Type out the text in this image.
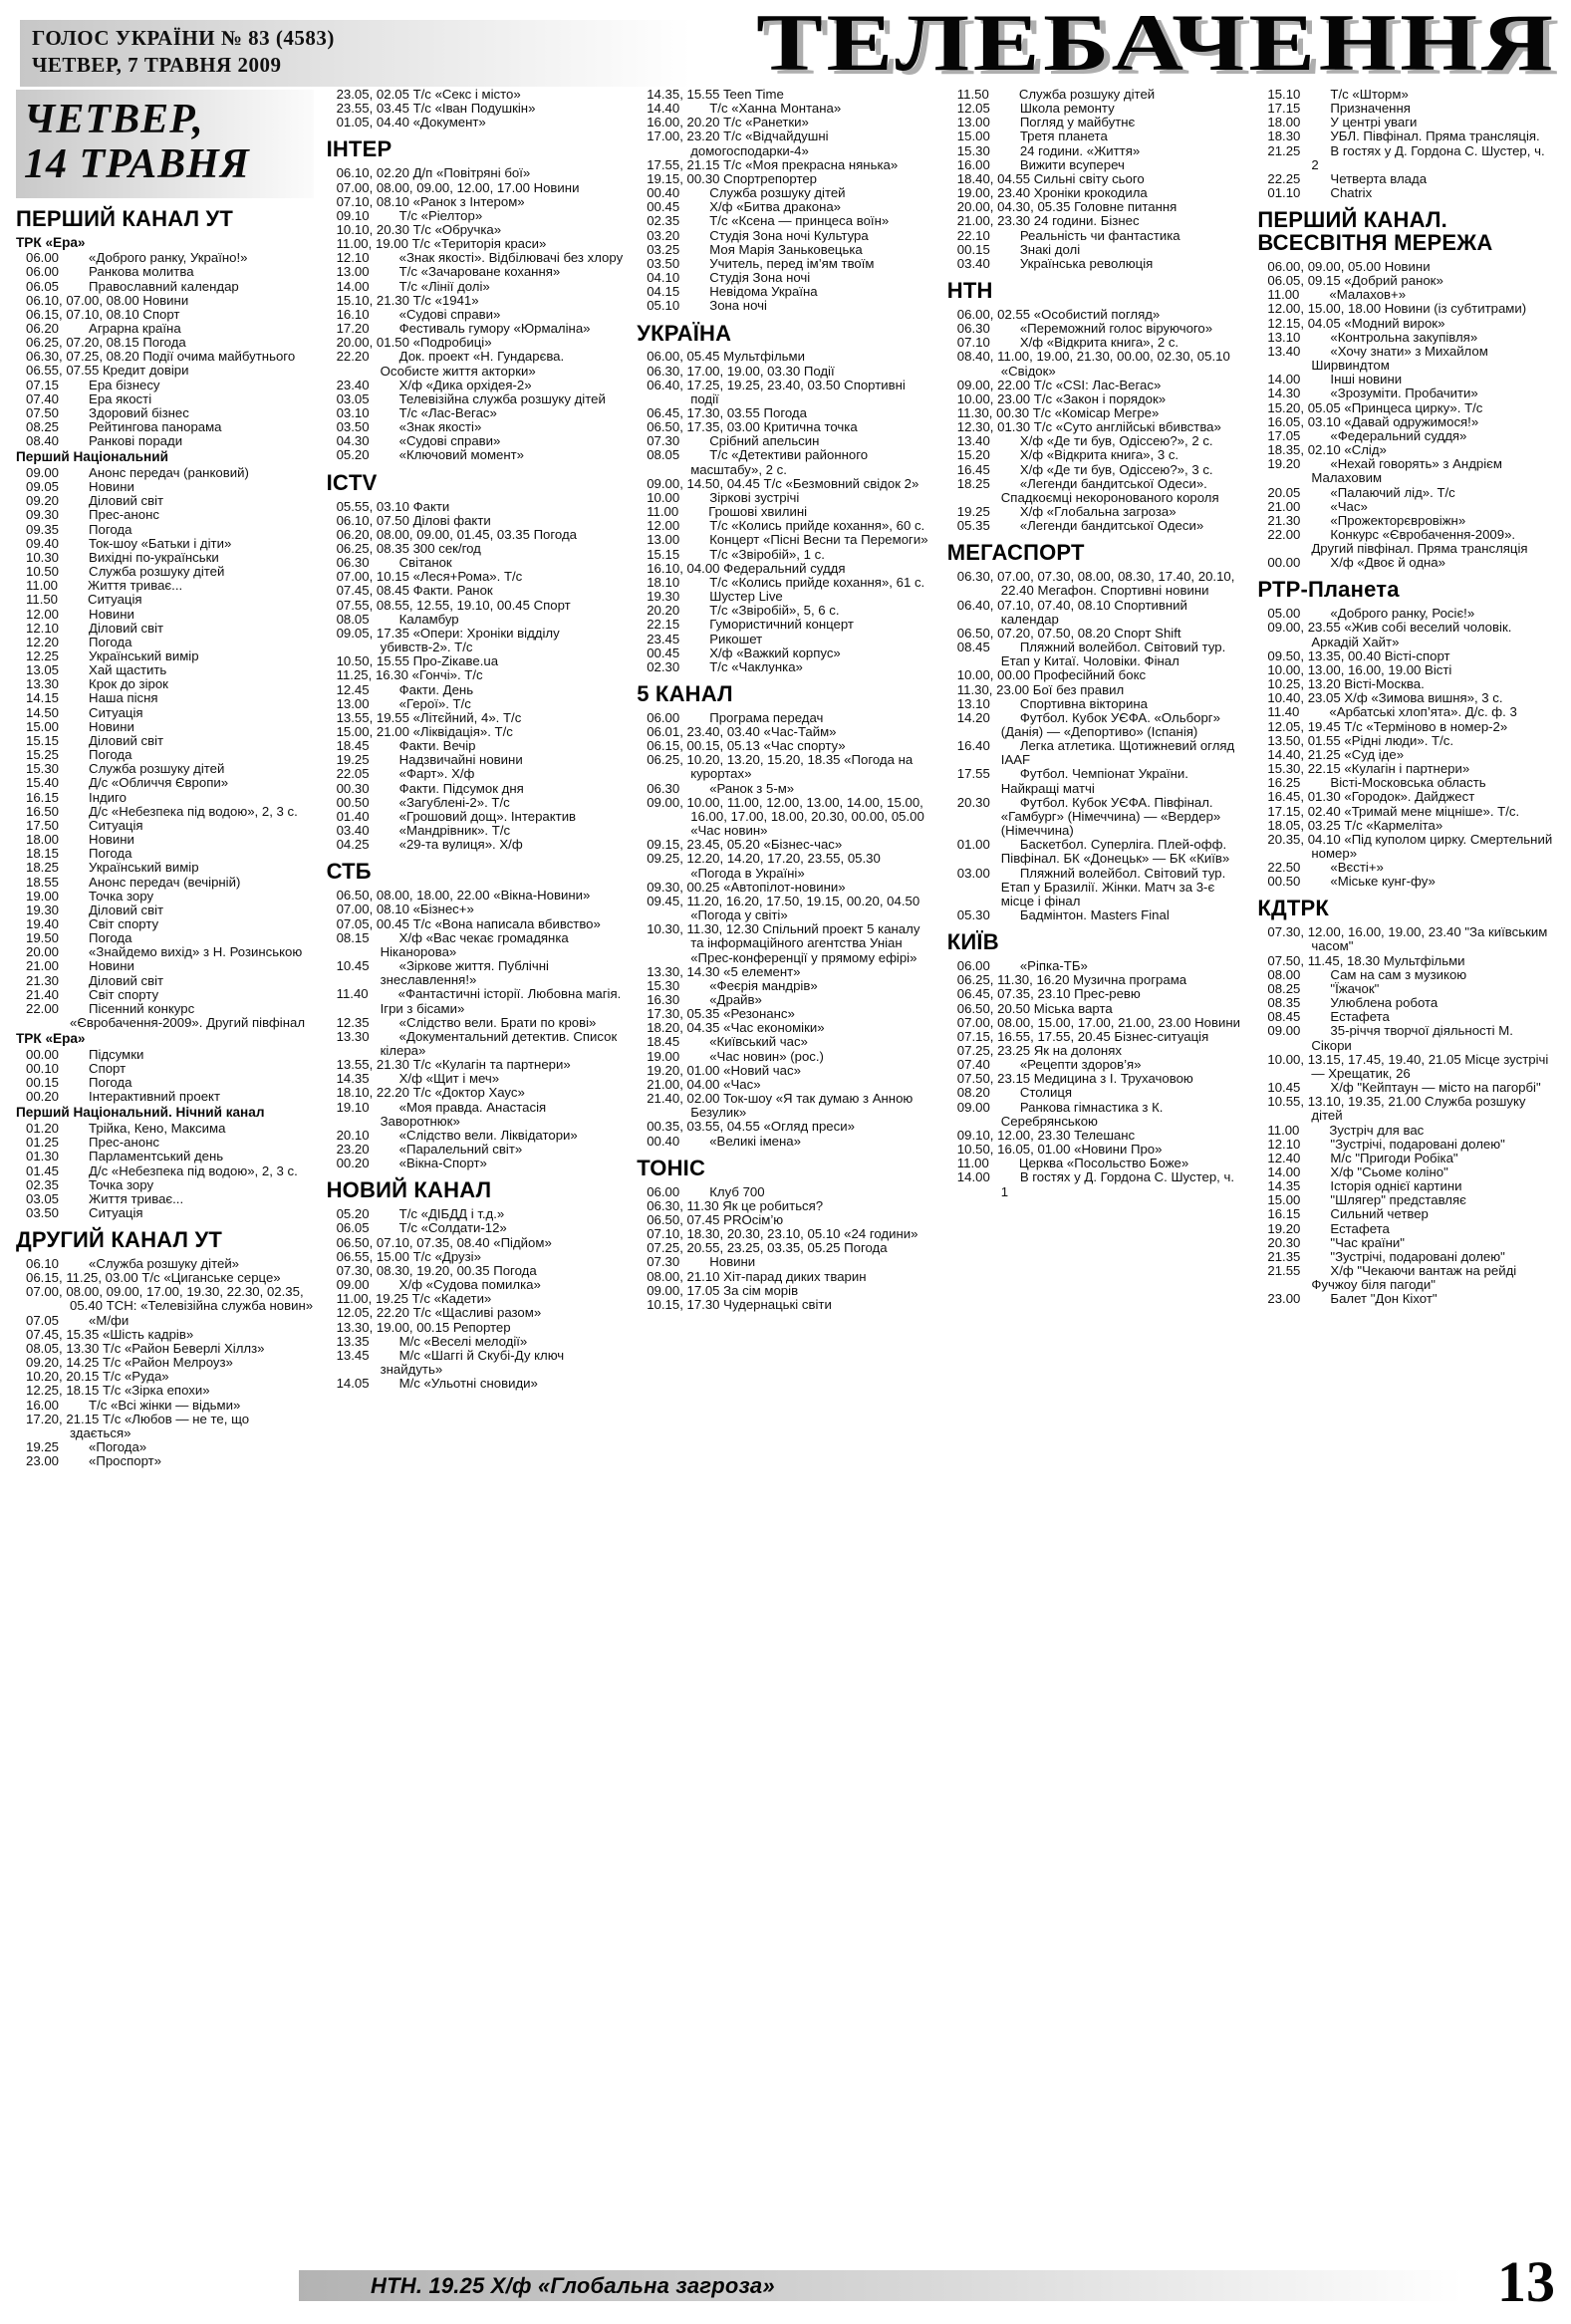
ГОЛОС УКРАЇНИ № 83 (4583)
ЧЕТВЕР, 7 ТРАВНЯ 2009	ТЕЛЕБАЧЕННЯ
ЧЕТВЕР,
14 ТРАВНЯ
ПЕРШИЙ КАНАЛ УТ
ТРК «Ера»

06.00   «Доброго ранку, Україно!»

06.00   Ранкова молитва

06.05   Православний календар

06.10, 07.00, 08.00 Новини

06.15, 07.10, 08.10 Спорт

06.20   Аграрна країна

06.25, 07.20, 08.15 Погода

06.30, 07.25, 08.20 Події очима майбутнього

06.55, 07.55 Кредит довіри

07.15   Ера бізнесу

07.40   Ера якості

07.50   Здоровий бізнес

08.25   Рейтингова панорама

08.40   Ранкові поради

Перший Національний

09.00   Анонс передач (ранковий)

09.05   Новини

09.20   Діловий світ

09.30   Прес-анонс

09.35   Погода

09.40   Ток-шоу «Батьки і діти»

10.30   Вихідні по-українськи

10.50   Служба розшуку дітей

11.00   Життя триває...

11.50   Ситуація

12.00   Новини

12.10   Діловий світ

12.20   Погода

12.25   Український вимір

13.05   Хай щастить

13.30   Крок до зірок

14.15   Наша пісня

14.50   Ситуація

15.00   Новини

15.15   Діловий світ

15.25   Погода

15.30   Служба розшуку дітей

15.40   Д/с «Обличчя Європи»

16.15   Індиго

16.50   Д/с «Небезпека під водою», 2, 3 с.

17.50   Ситуація

18.00   Новини

18.15   Погода

18.25   Український вимір

18.55   Анонс передач (вечірній)

19.00   Точка зору

19.30   Діловий світ

19.40   Світ спорту

19.50   Погода

20.00   «Знайдемо вихід» з Н. Розинською

21.00   Новини

21.30   Діловий світ

21.40   Світ спорту

22.00   Пісенний конкурс «Євробачення-2009». Другий півфінал

ТРК «Ера»

00.00   Підсумки

00.10   Спорт

00.15   Погода

00.20   Інтерактивний проект

Перший Національний. Нічний канал

01.20   Трійка, Кено, Максима

01.25   Прес-анонс

01.30   Парламентський день

01.45   Д/с «Небезпека під водою», 2, 3 с.

02.35   Точка зору

03.05   Життя триває...

03.50   Ситуація

ДРУГИЙ КАНАЛ УТ

06.10   «Служба розшуку дітей»

06.15, 11.25, 03.00 Т/с «Циганське серце»

07.00, 08.00, 09.00, 17.00, 19.30, 22.30, 02.35, 05.40 ТСН: «Телевізійна служба новин»

07.05   «М/фи

07.45, 15.35 «Шість кадрів»

08.05, 13.30 Т/с «Район Беверлі Хіллз»

09.20, 14.25 Т/с «Район Мелроуз»

10.20, 20.15 Т/с «Руда»

12.25, 18.15 Т/с «Зірка епохи»

16.00   Т/с «Всі жінки — відьми»

17.20, 21.15 Т/с «Любов — не те, що здається»

19.25   «Погода»

23.00   «Проспорт»

23.05, 02.05 Т/с «Секс і місто»

23.55, 03.45 Т/с «Іван Подушкін»

01.05, 04.40 «Документ»

ІНТЕР

06.10, 02.20 Д/п «Повітряні бої»

07.00, 08.00, 09.00, 12.00, 17.00 Новини

07.10, 08.10 «Ранок з Інтером»

09.10   Т/с «Ріелтор»

10.10, 20.30 Т/с «Обручка»

11.00, 19.00 Т/с «Територія краси»

12.10   «Знак якості». Відбілювачі без хлору

13.00   Т/с «Зачароване кохання»

14.00   Т/с «Лінії долі»

15.10, 21.30 Т/с «1941»

16.10   «Судові справи»

17.20   Фестиваль гумору «Юрмаліна»

20.00, 01.50 «Подробиці»

22.20   Док. проект «Н. Гундарєва. Особисте життя акторки»

23.40   Х/ф «Дика орхідея-2»

03.05   Телевізійна служба розшуку дітей

03.10   Т/с «Лас-Вегас»

03.50   «Знак якості»

04.30   «Судові справи»

05.20   «Ключовий момент»

ICTV

05.55, 03.10 Факти

06.10, 07.50 Ділові факти

06.20, 08.00, 09.00, 01.45, 03.35 Погода

06.25, 08.35 300 сек/год

06.30   Світанок

07.00, 10.15 «Леся+Рома». Т/с

07.45, 08.45 Факти. Ранок

07.55, 08.55, 12.55, 19.10, 00.45 Спорт

08.05   Каламбур

09.05, 17.35 «Опери: Хроніки відділу убивств-2». Т/с

10.50, 15.55 Про-Zікаве.ua

11.25, 16.30 «Гончі». Т/с

12.45   Факти. День

13.00   «Герої». Т/с

13.55, 19.55 «Літєйний, 4». Т/с

15.00, 21.00 «Ліквідація». Т/с

18.45   Факти. Вечір

19.25   Надзвичайні новини

22.05   «Фарт». Х/ф

00.30   Факти. Підсумок дня

00.50   «Загублені-2». Т/с

01.40   «Грошовий дощ». Інтерактив

03.40   «Мандрівник». Т/с

04.25   «29-та вулиця». Х/ф

СТБ

06.50, 08.00, 18.00, 22.00 «Вікна-Новини»

07.00, 08.10 «Бізнес+»

07.05, 00.45 Т/с «Вона написала вбивство»

08.15   Х/ф «Вас чекає громадянка Ніканорова»

10.45   «Зіркове життя. Публічні знеславлення!»

11.40   «Фантастичні історії. Любовна магія. Ігри з бісами»

12.35   «Слідство вели. Брати по крові»

13.30   «Документальний детектив. Список кілера»

13.55, 21.30 Т/с «Кулагін та партнери»

14.35   Х/ф «Щит і меч»

18.10, 22.20 Т/с «Доктор Хаус»

19.10   «Моя правда. Анастасія Заворотнюк»

20.10   «Слідство вели. Ліквідатори»

23.20   «Паралельний світ»

00.20   «Вікна-Спорт»

НОВИЙ КАНАЛ

05.20   Т/с «ДІБДД і т.д.»

06.05   Т/с «Солдати-12»

06.50, 07.10, 07.35, 08.40 «Підйом»

06.55, 15.00 Т/с «Друзі»

07.30, 08.30, 19.20, 00.35 Погода

09.00   Х/ф «Судова помилка»

11.00, 19.25 Т/с «Кадети»

12.05, 22.20 Т/с «Щасливі разом»

13.30, 19.00, 00.15 Репортер

13.35   М/с «Веселі мелодії»

13.45   М/с «Шаггі й Скубі-Ду ключ знайдуть»

14.05   М/с «Ульотні сновиди»

14.35, 15.55 Teen Time

14.40   Т/с «Ханна Монтана»

16.00, 20.20 Т/с «Ранетки»

17.00, 23.20 Т/с «Відчайдушні домогосподарки-4»

17.55, 21.15 Т/с «Моя прекрасна нянька»

19.15, 00.30 Спортрепортер

00.40   Служба розшуку дітей

00.45   Х/ф «Битва дракона»

02.35   Т/с «Ксена — принцеса воїн»

03.20   Студія Зона ночі Культура

03.25   Моя Марія Заньковецька

03.50   Учитель, перед ім’ям твоїм

04.10   Студія Зона ночі

04.15   Невідома Україна

05.10   Зона ночі

УКРАЇНА

06.00, 05.45 Мультфільми

06.30, 17.00, 19.00, 03.30 Події

06.40, 17.25, 19.25, 23.40, 03.50 Спортивні події

06.45, 17.30, 03.55 Погода

06.50, 17.35, 03.00 Критична точка

07.30   Срібний апельсин

08.05   Т/с «Детективи районного масштабу», 2 с.

09.00, 14.50, 04.45 Т/с «Безмовний свідок 2»

10.00   Зіркові зустрічі

11.00   Грошові хвилині

12.00   Т/с «Колись прийде кохання», 60 с.

13.00   Концерт «Пісні Весни та Перемоги»

15.15   Т/с «Звіробій», 1 с.

16.10, 04.00 Федеральний суддя

18.10   Т/с «Колись прийде кохання», 61 с.

19.30   Шустер Live

20.20   Т/с «Звіробій», 5, 6 с.

22.15   Гумористичний концерт

23.45   Рикошет

00.45   Х/ф «Важкий корпус»

02.30   Т/с «Чаклунка»

5 КАНАЛ

06.00   Програма передач

06.01, 23.40, 03.40 «Час-Тайм»

06.15, 00.15, 05.13 «Час спорту»

06.25, 10.20, 13.20, 15.20, 18.35 «Погода на курортах»

06.30   «Ранок з 5-м»

09.00, 10.00, 11.00, 12.00, 13.00, 14.00, 15.00, 16.00, 17.00, 18.00, 20.30, 00.00, 05.00 «Час новин»

09.15, 23.45, 05.20 «Бізнес-час»

09.25, 12.20, 14.20, 17.20, 23.55, 05.30 «Погода в Україні»

09.30, 00.25 «Автопілот-новини»

09.45, 11.20, 16.20, 17.50, 19.15, 00.20, 04.50 «Погода у світі»

10.30, 11.30, 12.30 Спільний проект 5 каналу та інформаційного агентства Уніан «Прес-конференції у прямому ефірі»

13.30, 14.30 «5 елемент»

15.30   «Феєрія мандрів»

16.30   «Драйв»

17.30, 05.35 «Резонанс»

18.20, 04.35 «Час економіки»

18.45   «Київський час»

19.00   «Час новин» (рос.)

19.20, 01.00 «Новий час»

21.00, 04.00 «Час»

21.40, 02.00 Ток-шоу «Я так думаю з Анною Безулик»

00.35, 03.55, 04.55 «Огляд преси»

00.40   «Великі імена»

ТОНІС

06.00   Клуб 700

06.30, 11.30 Як це робиться?

06.50, 07.45 PROсім’ю

07.10, 18.30, 20.30, 23.10, 05.10 «24 години»

07.25, 20.55, 23.25, 03.35, 05.25 Погода

07.30   Новини

08.00, 21.10 Хіт-парад диких тварин

09.00, 17.05 За сім морів

10.15, 17.30 Чудернацькі світи

11.50   Служба розшуку дітей

12.05   Школа ремонту

13.00   Погляд у майбутнє

15.00   Третя планета

15.30   24 години. «Життя»

16.00   Вижити всупереч

18.40, 04.55 Сильні світу сього

19.00, 23.40 Хроніки крокодила

20.00, 04.30, 05.35 Головне питання

21.00, 23.30 24 години. Бізнес

22.10   Реальність чи фантастика

00.15   Знакі долі

03.40   Українська революція

НТН

06.00, 02.55 «Особистий погляд»

06.30   «Переможний голос віруючого»

07.10   Х/ф «Відкрита книга», 2 с.

08.40, 11.00, 19.00, 21.30, 00.00, 02.30, 05.10 «Свідок»

09.00, 22.00 Т/с «CSI: Лас-Вегас»

10.00, 23.00 Т/с «Закон і порядок»

11.30, 00.30 Т/с «Комісар Мегре»

12.30, 01.30 Т/с «Суто англійські вбивства»

13.40   Х/ф «Де ти був, Одіссею?», 2 с.

15.20   Х/ф «Відкрита книга», 3 с.

16.45   Х/ф «Де ти був, Одіссею?», 3 с.

18.25   «Легенди бандитської Одеси». Спадкоємці некоронованого короля

19.25   Х/ф «Глобальна загроза»

05.35   «Легенди бандитської Одеси»

МЕГАСПОРТ

06.30, 07.00, 07.30, 08.00, 08.30, 17.40, 20.10, 22.40 Мегафон. Спортивні новини

06.40, 07.10, 07.40, 08.10 Спортивний календар

06.50, 07.20, 07.50, 08.20 Спорт Shift

08.45   Пляжний волейбол. Світовий тур. Етап у Китаї. Чоловіки. Фінал

10.00, 00.00 Професійний бокс

11.30, 23.00 Бої без правил

13.10   Спортивна вікторина

14.20   Футбол. Кубок УЄФА. «Ольборг» (Данія) — «Депортиво» (Іспанія)

16.40   Легка атлетика. Щотижневий огляд IAAF

17.55   Футбол. Чемпіонат України. Найкращі матчі

20.30   Футбол. Кубок УЄФА. Півфінал. «Гамбург» (Німеччина) — «Вердер» (Німеччина)

01.00   Баскетбол. Суперліга. Плей-офф. Півфінал. БК «Донецьк» — БК «Київ»

03.00   Пляжний волейбол. Світовий тур. Етап у Бразилії. Жінки. Матч за 3-є місце і фінал

05.30   Бадмінтон. Masters Final

КИЇВ

06.00   «Ріпка-ТБ»

06.25, 11.30, 16.20 Музична програма

06.45, 07.35, 23.10 Прес-ревю

06.50, 20.50 Міська варта

07.00, 08.00, 15.00, 17.00, 21.00, 23.00 Новини

07.15, 16.55, 17.55, 20.45 Бізнес-ситуація

07.25, 23.25 Як на долонях

07.40   «Рецепти здоров’я»

07.50, 23.15 Медицина з І. Трухачовою

08.20   Столиця

09.00   Ранкова гімнастика з К. Серебрянською

09.10, 12.00, 23.30 Телешанс

10.50, 16.05, 01.00 «Новини Про»

11.00   Церква «Посольство Боже»

14.00   В гостях у Д. Гордона С. Шустер, ч. 1

15.10   Т/с «Шторм»

17.15   Призначення

18.00   У центрі уваги

18.30   УБЛ. Півфінал. Пряма трансляція.

21.25   В гостях у Д. Гордона С. Шустер, ч. 2

22.25   Четверта влада

01.10   Chatrix

ПЕРШИЙ КАНАЛ. ВСЕСВІТНЯ МЕРЕЖА

06.00, 09.00, 05.00 Новини

06.05, 09.15 «Добрий ранок»

11.00   «Малахов+»

12.00, 15.00, 18.00 Новини (із субтитрами)

12.15, 04.05 «Модний вирок»

13.10   «Контрольна закупівля»

13.40   «Хочу знати» з Михайлом Ширвиндтом

14.00   Інші новини

14.30   «Зрозуміти. Пробачити»

15.20, 05.05 «Принцеса цирку». Т/с

16.05, 03.10 «Давай одружимося!»

17.05   «Федеральний суддя»

18.35, 02.10 «Слід»

19.20   «Нехай говорять» з Андрієм Малаховим

20.05   «Палаючий лід». Т/с

21.00   «Час»

21.30   «Прожекторєвровіжн»

22.00   Конкурс «Євробачення-2009». Другий півфінал. Пряма трансляція

00.00   Х/ф «Двоє й одна»

РТР-Планета

05.00   «Доброго ранку, Росіє!»

09.00, 23.55 «Жив собі веселий чоловік. Аркадій Хайт»

09.50, 13.35, 00.40 Вісті-спорт

10.00, 13.00, 16.00, 19.00 Вісті

10.25, 13.20 Вісті-Москва.

10.40, 23.05 Х/ф «Зимова вишня», 3 с.

11.40   «Арбатські хлоп’ята». Д/с. ф. 3

12.05, 19.45 Т/с «Терміново в номер-2»

13.50, 01.55 «Рідні люди». Т/с.

14.40, 21.25 «Суд іде»

15.30, 22.15 «Кулагін і партнери»

16.25   Вісті-Московська область

16.45, 01.30 «Городок». Дайджест

17.15, 02.40 «Тримай мене міцніше». Т/с.

18.05, 03.25 Т/с «Кармеліта»

20.35, 04.10 «Під куполом цирку. Смертельний номер»

22.50   «Вєсті+»

00.50   «Міське кунг-фу»

КДТРК

07.30, 12.00, 16.00, 19.00, 23.40 "За київським часом"

07.50, 11.45, 18.30 Мультфільми

08.00   Сам на сам з музикою

08.25   "Їжачок"

08.35   Улюблена робота

08.45   Естафета

09.00   35-річчя творчої діяльності М. Сікори

10.00, 13.15, 17.45, 19.40, 21.05 Місце зустрічі — Хрещатик, 26

10.45   Х/ф "Кейптаун — місто на пагорбі"

10.55, 13.10, 19.35, 21.00 Служба розшуку дітей

11.00   Зустріч для вас

12.10   "Зустрічі, подаровані долею"

12.40   М/с "Пригоди Робіка"

14.00   Х/ф "Сьоме коліно"

14.35   Історія однієї картини

15.00   "Шлягер" представляє

16.15   Сильний четвер

19.20   Естафета

20.30   "Час країни"

21.35   "Зустрічі, подаровані долею"

21.55   Х/ф "Чекаючи вантаж на рейді Фучжоу біля пагоди"

23.00   Балет "Дон Кіхот"

НТН. 19.25 Х/ф «Глобальна загроза»	13
